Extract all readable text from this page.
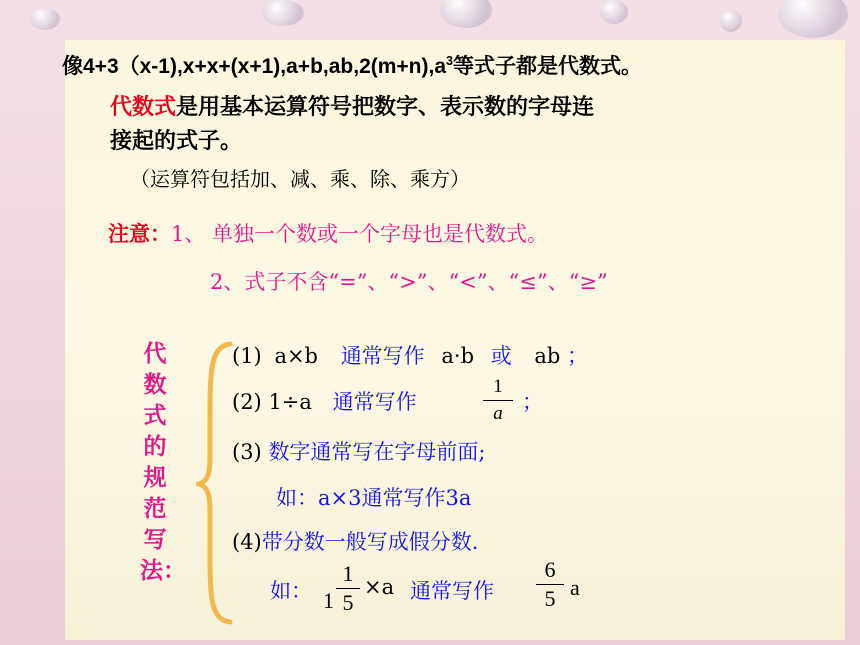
像$4+3(x-1),x+x+(x+1),a+b,ab,2(m+n),a^3$等式子都是代数式。
代数式是用基本运算符号把数字、表示数的字母连
接起的式子。
（运算符包括加、减、乘、除、乘方）
注意：1、 单独一个数或一个字母也是代数式。
2、式子不含“=”、“>”、“<”、“≤”、“≥”
代数式的规范写法：
(1) a×b 通常写作 a·b 或 ab ；
(2) 1÷a 通常写作
1
a ；
(3) 数字通常写在字母前面;
如：a×3通常写作3a
(4)带分数一般写成假分数.
如： 1
1
5
×a 通常写作
6
5 a
